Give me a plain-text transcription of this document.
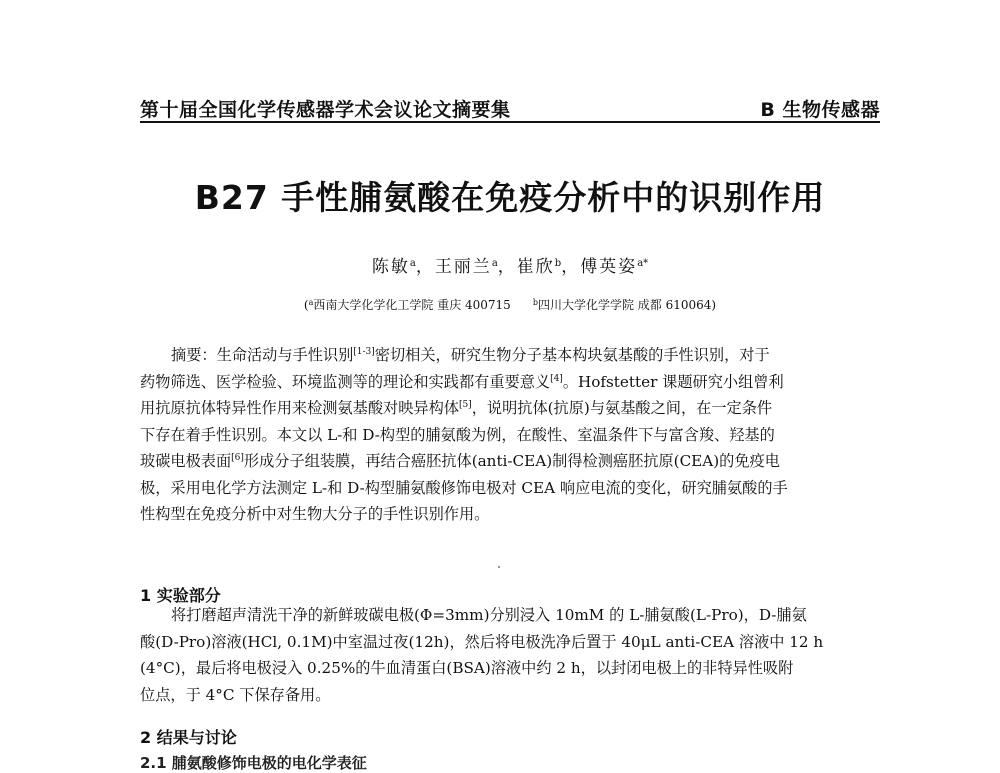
第十届全国化学传感器学术会议论文摘要集	B 生物传感器
B27 手性脯氨酸在免疫分析中的识别作用
陈敏$^a$，王丽兰$^a$，崔欣$^b$，傅英姿$^{a*}$
($^a$西南大学化学化工学院 重庆 400715	$^b$四川大学化学学院 成都 610064)
摘要：生命活动与手性识别[1-3]密切相关，研究生物分子基本构块氨基酸的手性识别，对于
药物筛选、医学检验、环境监测等的理论和实践都有重要意义[4]。Hofstetter 课题研究小组曾利
用抗原抗体特异性作用来检测氨基酸对映异构体[5]，说明抗体(抗原)与氨基酸之间，在一定条件
下存在着手性识别。本文以 L-和 D-构型的脯氨酸为例，在酸性、室温条件下与富含羧、羟基的
玻碳电极表面[6]形成分子组装膜，再结合癌胚抗体(anti-CEA)制得检测癌胚抗原(CEA)的免疫电
极，采用电化学方法测定 L-和 D-构型脯氨酸修饰电极对 CEA 响应电流的变化，研究脯氨酸的手
性构型在免疫分析中对生物大分子的手性识别作用。
1 实验部分
将打磨超声清洗干净的新鲜玻碳电极(Φ=3mm)分别浸入 10mM 的 L-脯氨酸(L-Pro)，D-脯氨
酸(D-Pro)溶液(HCl, 0.1M)中室温过夜(12h)，然后将电极洗净后置于 40μL anti-CEA 溶液中 12 h
(4°C)，最后将电极浸入 0.25%的牛血清蛋白(BSA)溶液中约 2 h，以封闭电极上的非特异性吸附
位点，于 4°C 下保存备用。
2 结果与讨论
2.1 脯氨酸修饰电极的电化学表征
